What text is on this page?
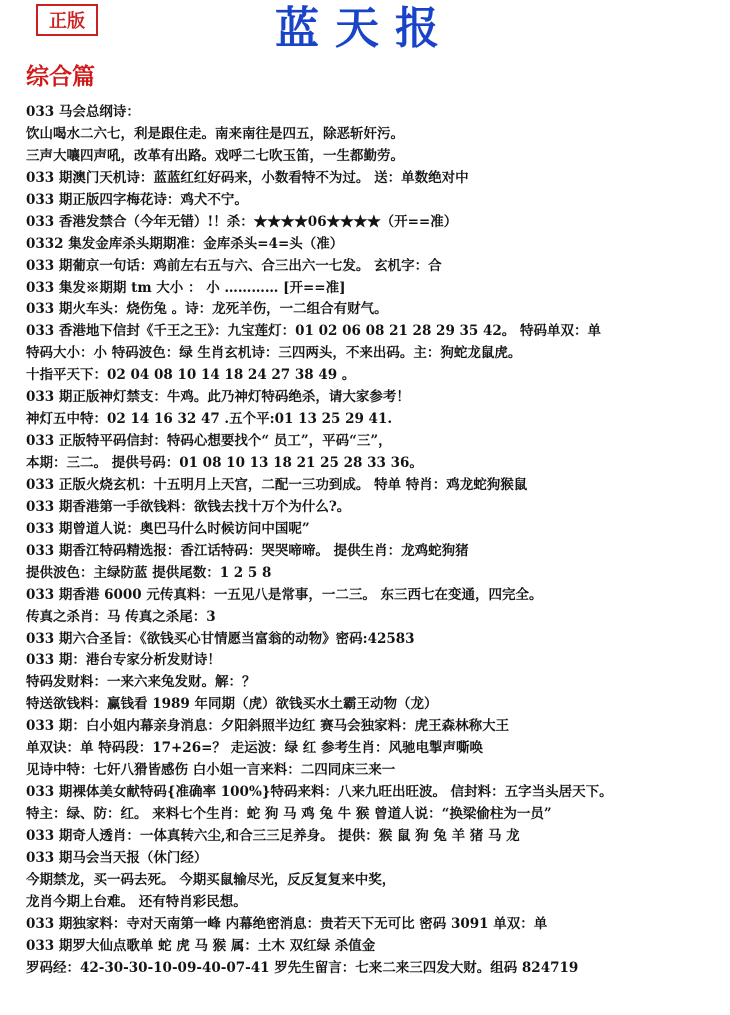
正版	蓝天报
综合篇
033 马会总纲诗：
饮山喝水二六七，利是跟住走。南来南往是四五，除恶斩奸污。
三声大嚷四声吼，改革有出路。戏呼二七吹玉笛，一生都勤劳。
033 期澳门天机诗：蓝蓝红红好码来，小数看特不为过。 送：单数绝对中
033 期正版四字梅花诗：鸡犬不宁。
033 香港发禁合（今年无错）!！杀：★★★★06★★★★（开==准）
0332 集发金库杀头期期准：金库杀头=4=头（准）
033 期葡京一句话：鸡前左右五与六、合三出六一七发。 玄机字：合
033 集发※期期 tm 大小 ： 小 ………… [开==准]
033 期火车头：烧伤兔 。诗：龙死羊伤，一二组合有财气。
033 香港地下信封《千王之王》：九宝莲灯：01 02 06 08 21 28 29 35 42。 特码单双：单
特码大小：小 特码波色：绿 生肖玄机诗：三四两头，不来出码。主：狗蛇龙鼠虎。
十指平天下：02 04 08 10 14 18 24 27 38 49 。
033 期正版神灯禁支：牛鸡。此乃神灯特码绝杀，请大家参考！
神灯五中特：02 14 16 32 47 .五个平:01 13 25 29 41.
033 正版特平码信封：特码心想要找个“ 员工”，平码“三”，
本期：三二。 提供号码：01 08 10 13 18 21 25 28 33 36。
033 正版火烧玄机：十五明月上天宫，二配一三功到成。 特单 特肖：鸡龙蛇狗猴鼠
033 期香港第一手欲钱料：欲钱去找十万个为什么?。
033 期曾道人说：奥巴马什么时候访问中国呢”
033 期香江特码精选报：香江话特码：哭哭啼啼。 提供生肖：龙鸡蛇狗猪
提供波色：主绿防蓝 提供尾数：1 2 5 8
033 期香港 6000 元传真料：一五见八是常事，一二三。 东三西七在变通，四完全。
传真之杀肖：马 传真之杀尾：3
033 期六合圣旨：《欲钱买心甘情愿当富翁的动物》密码:42583
033 期：港台专家分析发财诗！
特码发财料：一来六来兔发财。解：？
特送欲钱料：赢钱看 1989 年同期（虎）欲钱买水土霸王动物（龙）
033 期：白小姐内幕亲身消息：夕阳斜照半边红 赛马会独家料：虎王森林称大王
单双诀：单 特码段：17+26=？ 走运波：绿 红 参考生肖：风驰电掣声嘶唤
见诗中特：七奸八猾皆感伤 白小姐一言来料：二四同床三来一
033 期裸体美女献特码{准确率 100%}特码来料：八来九旺出旺波。 信封料：五字当头居天下。
特主：绿、防：红。 来料七个生肖：蛇 狗 马 鸡 兔 牛 猴 曾道人说：“换梁偷柱为一员”
033 期奇人透肖：一体真转六尘,和合三三足养身。 提供：猴 鼠 狗 兔 羊 猪 马 龙
033 期马会当天报（休门经）
今期禁龙，买一码去死。 今期买鼠输尽光，反反复复来中奖，
龙肖今期上台难。 还有特肖彩民想。
033 期独家料：寺对天南第一峰 内幕绝密消息：贵若天下无可比 密码 3091 单双：单
033 期罗大仙点歌单 蛇 虎 马 猴 属：土木 双红绿 杀值金
罗码经：42-30-30-10-09-40-07-41 罗先生留言：七来二来三四发大财。组码 824719
